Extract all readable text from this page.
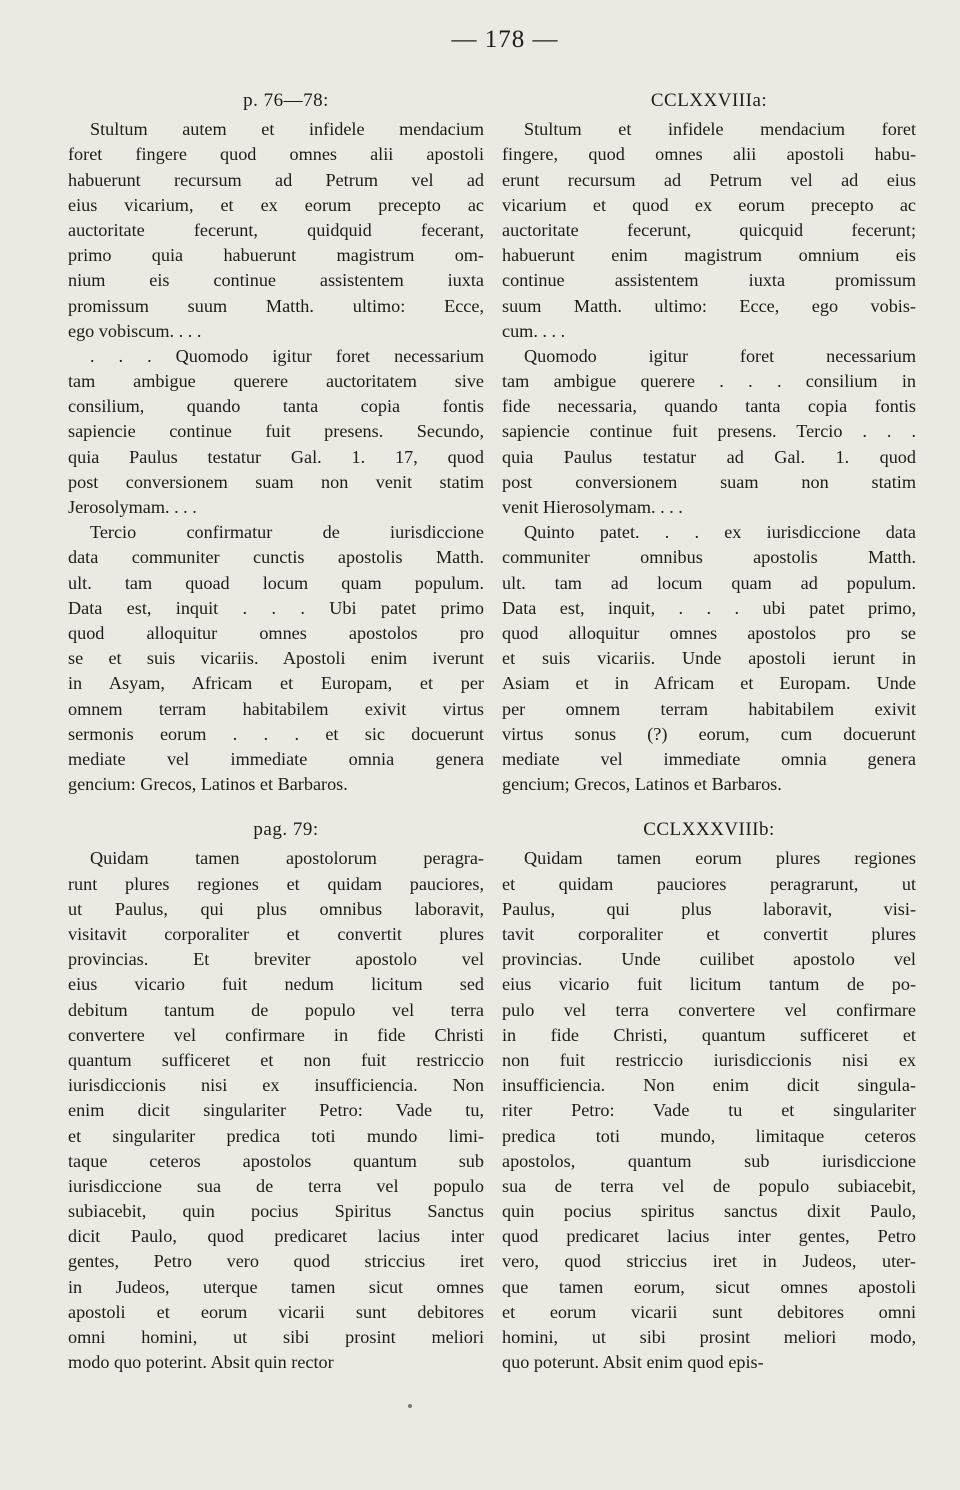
— 178 —
p. 76—78:

Stultum autem et infidele mendacium
foret fingere quod omnes alii apostoli
habuerunt recursum ad Petrum vel ad
eius vicarium, et ex eorum precepto ac
auctoritate fecerunt, quidquid fecerant,
primo quia habuerunt magistrum om-
nium eis continue assistentem iuxta
promissum suum Matth. ultimo: Ecce,
ego vobiscum. . . .

. . . Quomodo igitur foret necessarium
tam ambigue querere auctoritatem sive
consilium, quando tanta copia fontis
sapiencie continue fuit presens. Secundo,
quia Paulus testatur Gal. 1. 17, quod
post conversionem suam non venit statim
Jerosolymam. . . .

Tercio confirmatur de iurisdiccione
data communiter cunctis apostolis Matth.
ult. tam quoad locum quam populum.
Data est, inquit . . . Ubi patet primo
quod alloquitur omnes apostolos pro
se et suis vicariis. Apostoli enim iverunt
in Asyam, Africam et Europam, et per
omnem terram habitabilem exivit virtus
sermonis eorum . . . et sic docuerunt
mediate vel immediate omnia genera
gencium: Grecos, Latinos et Barbaros.

pag. 79:

Quidam tamen apostolorum peragra-
runt plures regiones et quidam pauciores,
ut Paulus, qui plus omnibus laboravit,
visitavit corporaliter et convertit plures
provincias. Et breviter apostolo vel
eius vicario fuit nedum licitum sed
debitum tantum de populo vel terra
convertere vel confirmare in fide Christi
quantum sufficeret et non fuit restriccio
iurisdiccionis nisi ex insufficiencia. Non
enim dicit singulariter Petro: Vade tu,
et singulariter predica toti mundo limi-
taque ceteros apostolos quantum sub
iurisdiccione sua de terra vel populo
subiacebit, quin pocius Spiritus Sanctus
dicit Paulo, quod predicaret lacius inter
gentes, Petro vero quod striccius iret
in Judeos, uterque tamen sicut omnes
apostoli et eorum vicarii sunt debitores
omni homini, ut sibi prosint meliori
modo quo poterint. Absit quin rector

CCLXXVIIIa:

Stultum et infidele mendacium foret
fingere, quod omnes alii apostoli habu-
erunt recursum ad Petrum vel ad eius
vicarium et quod ex eorum precepto ac
auctoritate fecerunt, quicquid fecerunt;
habuerunt enim magistrum omnium eis
continue assistentem iuxta promissum
suum Matth. ultimo: Ecce, ego vobis-
cum. . . .

Quomodo igitur foret necessarium
tam ambigue querere . . . consilium in
fide necessaria, quando tanta copia fontis
sapiencie continue fuit presens. Tercio . . .
quia Paulus testatur ad Gal. 1. quod
post conversionem suam non statim
venit Hierosolymam. . . .

Quinto patet. . . ex iurisdiccione data
communiter omnibus apostolis Matth.
ult. tam ad locum quam ad populum.
Data est, inquit, . . . ubi patet primo,
quod alloquitur omnes apostolos pro se
et suis vicariis. Unde apostoli ierunt in
Asiam et in Africam et Europam. Unde
per omnem terram habitabilem exivit
virtus sonus (?) eorum, cum docuerunt
mediate vel immediate omnia genera
gencium; Grecos, Latinos et Barbaros.

CCLXXXVIIIb:

Quidam tamen eorum plures regiones
et quidam pauciores peragrarunt, ut
Paulus, qui plus laboravit, visi-
tavit corporaliter et convertit plures
provincias. Unde cuilibet apostolo vel
eius vicario fuit licitum tantum de po-
pulo vel terra convertere vel confirmare
in fide Christi, quantum sufficeret et
non fuit restriccio iurisdiccionis nisi ex
insufficiencia. Non enim dicit singula-
riter Petro: Vade tu et singulariter
predica toti mundo, limitaque ceteros
apostolos, quantum sub iurisdiccione
sua de terra vel de populo subiacebit,
quin pocius spiritus sanctus dixit Paulo,
quod predicaret lacius inter gentes, Petro
vero, quod striccius iret in Judeos, uter-
que tamen eorum, sicut omnes apostoli
et eorum vicarii sunt debitores omni
homini, ut sibi prosint meliori modo,
quo poterunt. Absit enim quod epis-
